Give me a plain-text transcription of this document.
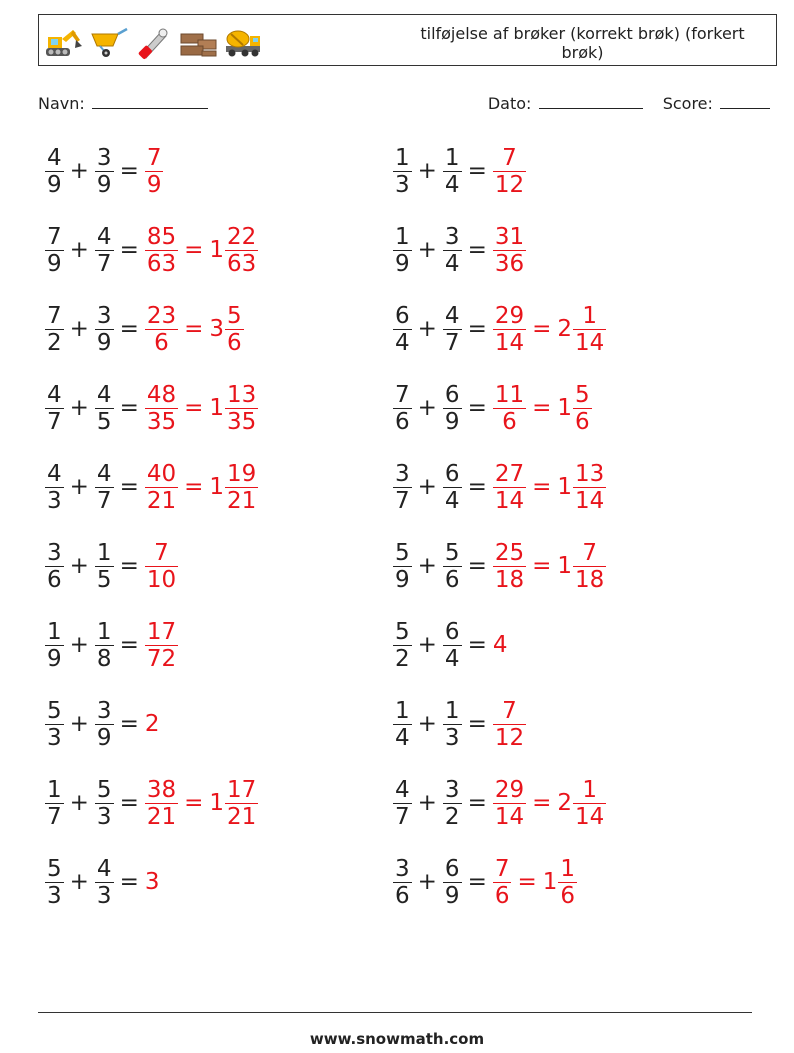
tilføjelse af brøker (korrekt brøk) (forkert brøk)
Navn:	Dato:	Score:
$\frac{4}{9} + \frac{3}{9} = \frac{7}{9}$	$\frac{1}{3} + \frac{1}{4} = \frac{7}{12}$
$\frac{7}{9} + \frac{4}{7} = \frac{85}{63} = 1 \frac{22}{63}$	$\frac{1}{9} + \frac{3}{4} = \frac{31}{36}$
$\frac{7}{2} + \frac{3}{9} = \frac{23}{6} = 3 \frac{5}{6}$	$\frac{6}{4} + \frac{4}{7} = \frac{29}{14} = 2 \frac{1}{14}$
$\frac{4}{7} + \frac{4}{5} = \frac{48}{35} = 1 \frac{13}{35}$	$\frac{7}{6} + \frac{6}{9} = \frac{11}{6} = 1 \frac{5}{6}$
$\frac{4}{3} + \frac{4}{7} = \frac{40}{21} = 1 \frac{19}{21}$	$\frac{3}{7} + \frac{6}{4} = \frac{27}{14} = 1 \frac{13}{14}$
$\frac{3}{6} + \frac{1}{5} = \frac{7}{10}$	$\frac{5}{9} + \frac{5}{6} = \frac{25}{18} = 1 \frac{7}{18}$
$\frac{1}{9} + \frac{1}{8} = \frac{17}{72}$	$\frac{5}{2} + \frac{6}{4} = 4$
$\frac{5}{3} + \frac{3}{9} = 2$	$\frac{1}{4} + \frac{1}{3} = \frac{7}{12}$
$\frac{1}{7} + \frac{5}{3} = \frac{38}{21} = 1 \frac{17}{21}$	$\frac{4}{7} + \frac{3}{2} = \frac{29}{14} = 2 \frac{1}{14}$
$\frac{5}{3} + \frac{4}{3} = 3$	$\frac{3}{6} + \frac{6}{9} = \frac{7}{6} = 1 \frac{1}{6}$
www.snowmath.com
